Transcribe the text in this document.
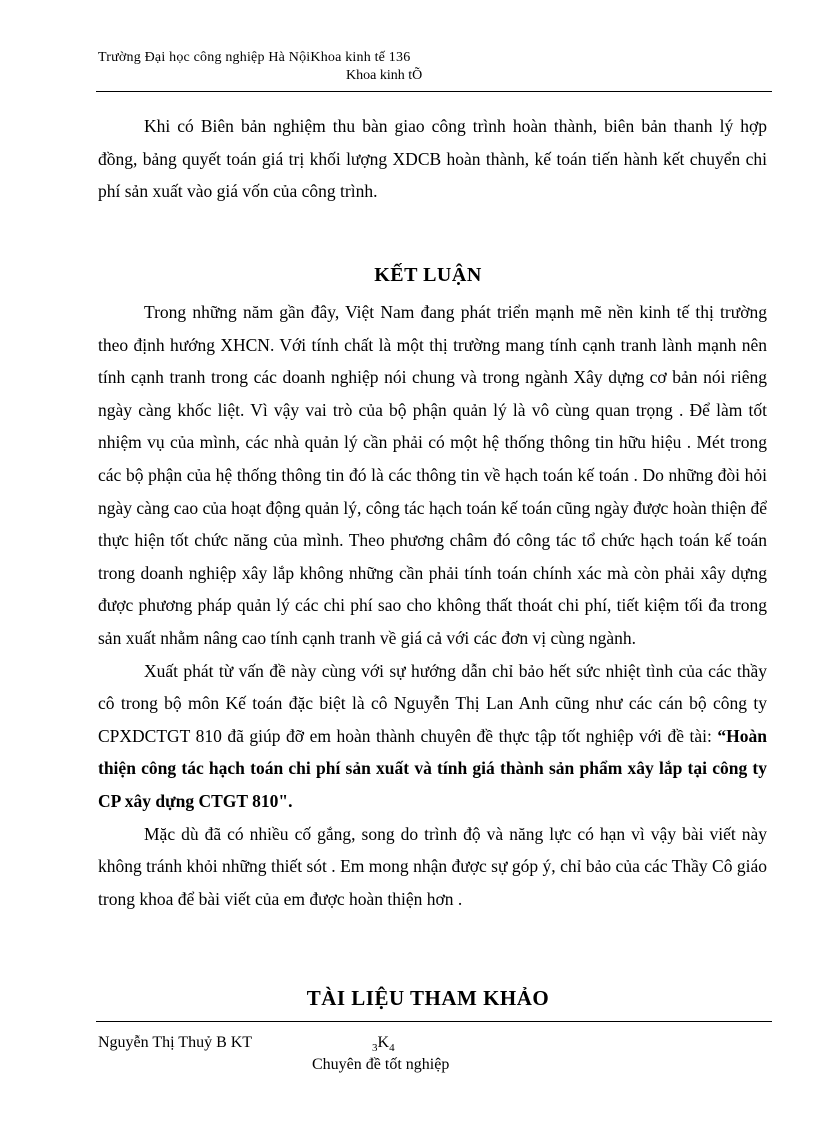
Trường Đại học công nghiệp Hà NộiKhoa kinh tế 136
Khoa kinh tÕ

Khi có Biên bản nghiệm thu bàn giao công trình hoàn thành, biên bản thanh lý hợp đồng, bảng quyết toán giá trị khối lượng XDCB hoàn thành, kế toán tiến hành kết chuyển chi phí sản xuất vào giá vốn của công trình.

KẾT LUẬN

Trong những năm gần đây, Việt Nam đang phát triển mạnh mẽ nền kinh tế thị trường theo định hướng XHCN. Với tính chất là một thị trường mang tính cạnh tranh lành mạnh nên tính cạnh tranh trong các doanh nghiệp nói chung và trong ngành Xây dựng cơ bản nói riêng ngày càng khốc liệt. Vì vậy vai trò của bộ phận quản lý là vô cùng quan trọng . Để làm tốt nhiệm vụ của mình, các nhà quản lý cần phải có một hệ thống thông tin hữu hiệu . Mét trong các bộ phận của hệ thống thông tin đó là các thông tin về hạch toán kế toán . Do những đòi hỏi ngày càng cao của hoạt động quản lý, công tác hạch toán kế toán cũng ngày được hoàn thiện để thực hiện tốt chức năng của mình. Theo phương châm đó công tác tổ chức hạch toán kế toán trong doanh nghiệp xây lắp không những cần phải tính toán chính xác mà còn phải xây dựng được phương pháp quản lý các chi phí sao cho không thất thoát chi phí, tiết kiệm tối đa trong sản xuất nhằm nâng cao tính cạnh tranh về giá cả với các đơn vị cùng ngành.

Xuất phát từ vấn đề này cùng với sự hướng dẫn chỉ bảo hết sức nhiệt tình của các thầy cô trong bộ môn Kế toán đặc biệt là cô Nguyễn Thị Lan Anh cũng như các cán bộ công ty CPXDCTGT 810 đã giúp đỡ em hoàn thành chuyên đề thực tập tốt nghiệp với đề tài: “Hoàn thiện công tác hạch toán chi phí sản xuất và tính giá thành sản phẩm xây lắp tại công ty CP xây dựng CTGT 810".

Mặc dù đã có nhiều cố gắng, song do trình độ và năng lực có hạn vì vậy bài viết này không tránh khỏi những thiết sót . Em mong nhận được sự góp ý, chỉ bảo của các Thầy Cô giáo trong khoa để bài viết của em được hoàn thiện hơn .

TÀI LIỆU THAM KHẢO
Nguyễn Thị Thuỷ B KT	$_3K_4$
Chuyên đề tốt nghiệp
